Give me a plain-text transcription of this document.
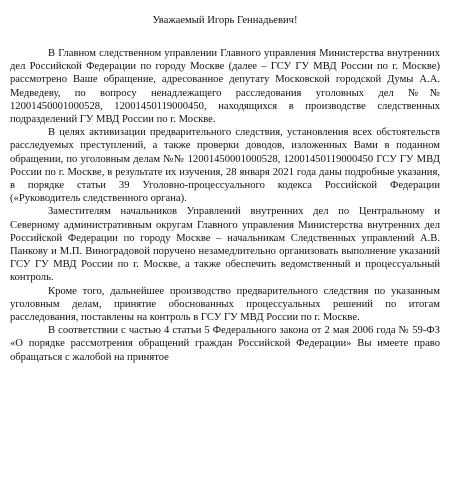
Уважаемый Игорь Геннадьевич!

В Главном следственном управлении Главного управления Министерства внутренних дел Российской Федерации по городу Москве (далее – ГСУ ГУ МВД России по г. Москве) рассмотрено Ваше обращение, адресованное депутату Московской городской Думы А.А. Медведеву, по вопросу ненадлежащего расследования уголовных дел №№ 12001450001000528, 12001450119000450, находящихся в производстве следственных подразделений ГУ МВД России по г. Москве.

В целях активизации предварительного следствия, установления всех обстоятельств расследуемых преступлений, а также проверки доводов, изложенных Вами в поданном обращении, по уголовным делам №№ 12001450001000528, 12001450119000450 ГСУ ГУ МВД России по г. Москве, в результате их изучения, 28 января 2021 года даны подробные указания, в порядке статьи 39 Уголовно-процессуального кодекса Российской Федерации («Руководитель следственного органа).

Заместителям начальников Управлений внутренних дел по Центральному и Северному административным округам Главного управления Министерства внутренних дел Российской Федерации по городу Москве – начальникам Следственных управлений А.В. Панкову и М.П. Виноградовой поручено незамедлительно организовать выполнение указаний ГСУ ГУ МВД России по г. Москве, а также обеспечить ведомственный и процессуальный контроль.

Кроме того, дальнейшее производство предварительного следствия по указанным уголовным делам, принятие обоснованных процессуальных решений по итогам расследования, поставлены на контроль в ГСУ ГУ МВД России по г. Москве.

В соответствии с частью 4 статьи 5 Федерального закона от 2 мая 2006 года № 59-ФЗ «О порядке рассмотрения обращений граждан Российской Федерации» Вы имеете право обращаться с жалобой на принятое
